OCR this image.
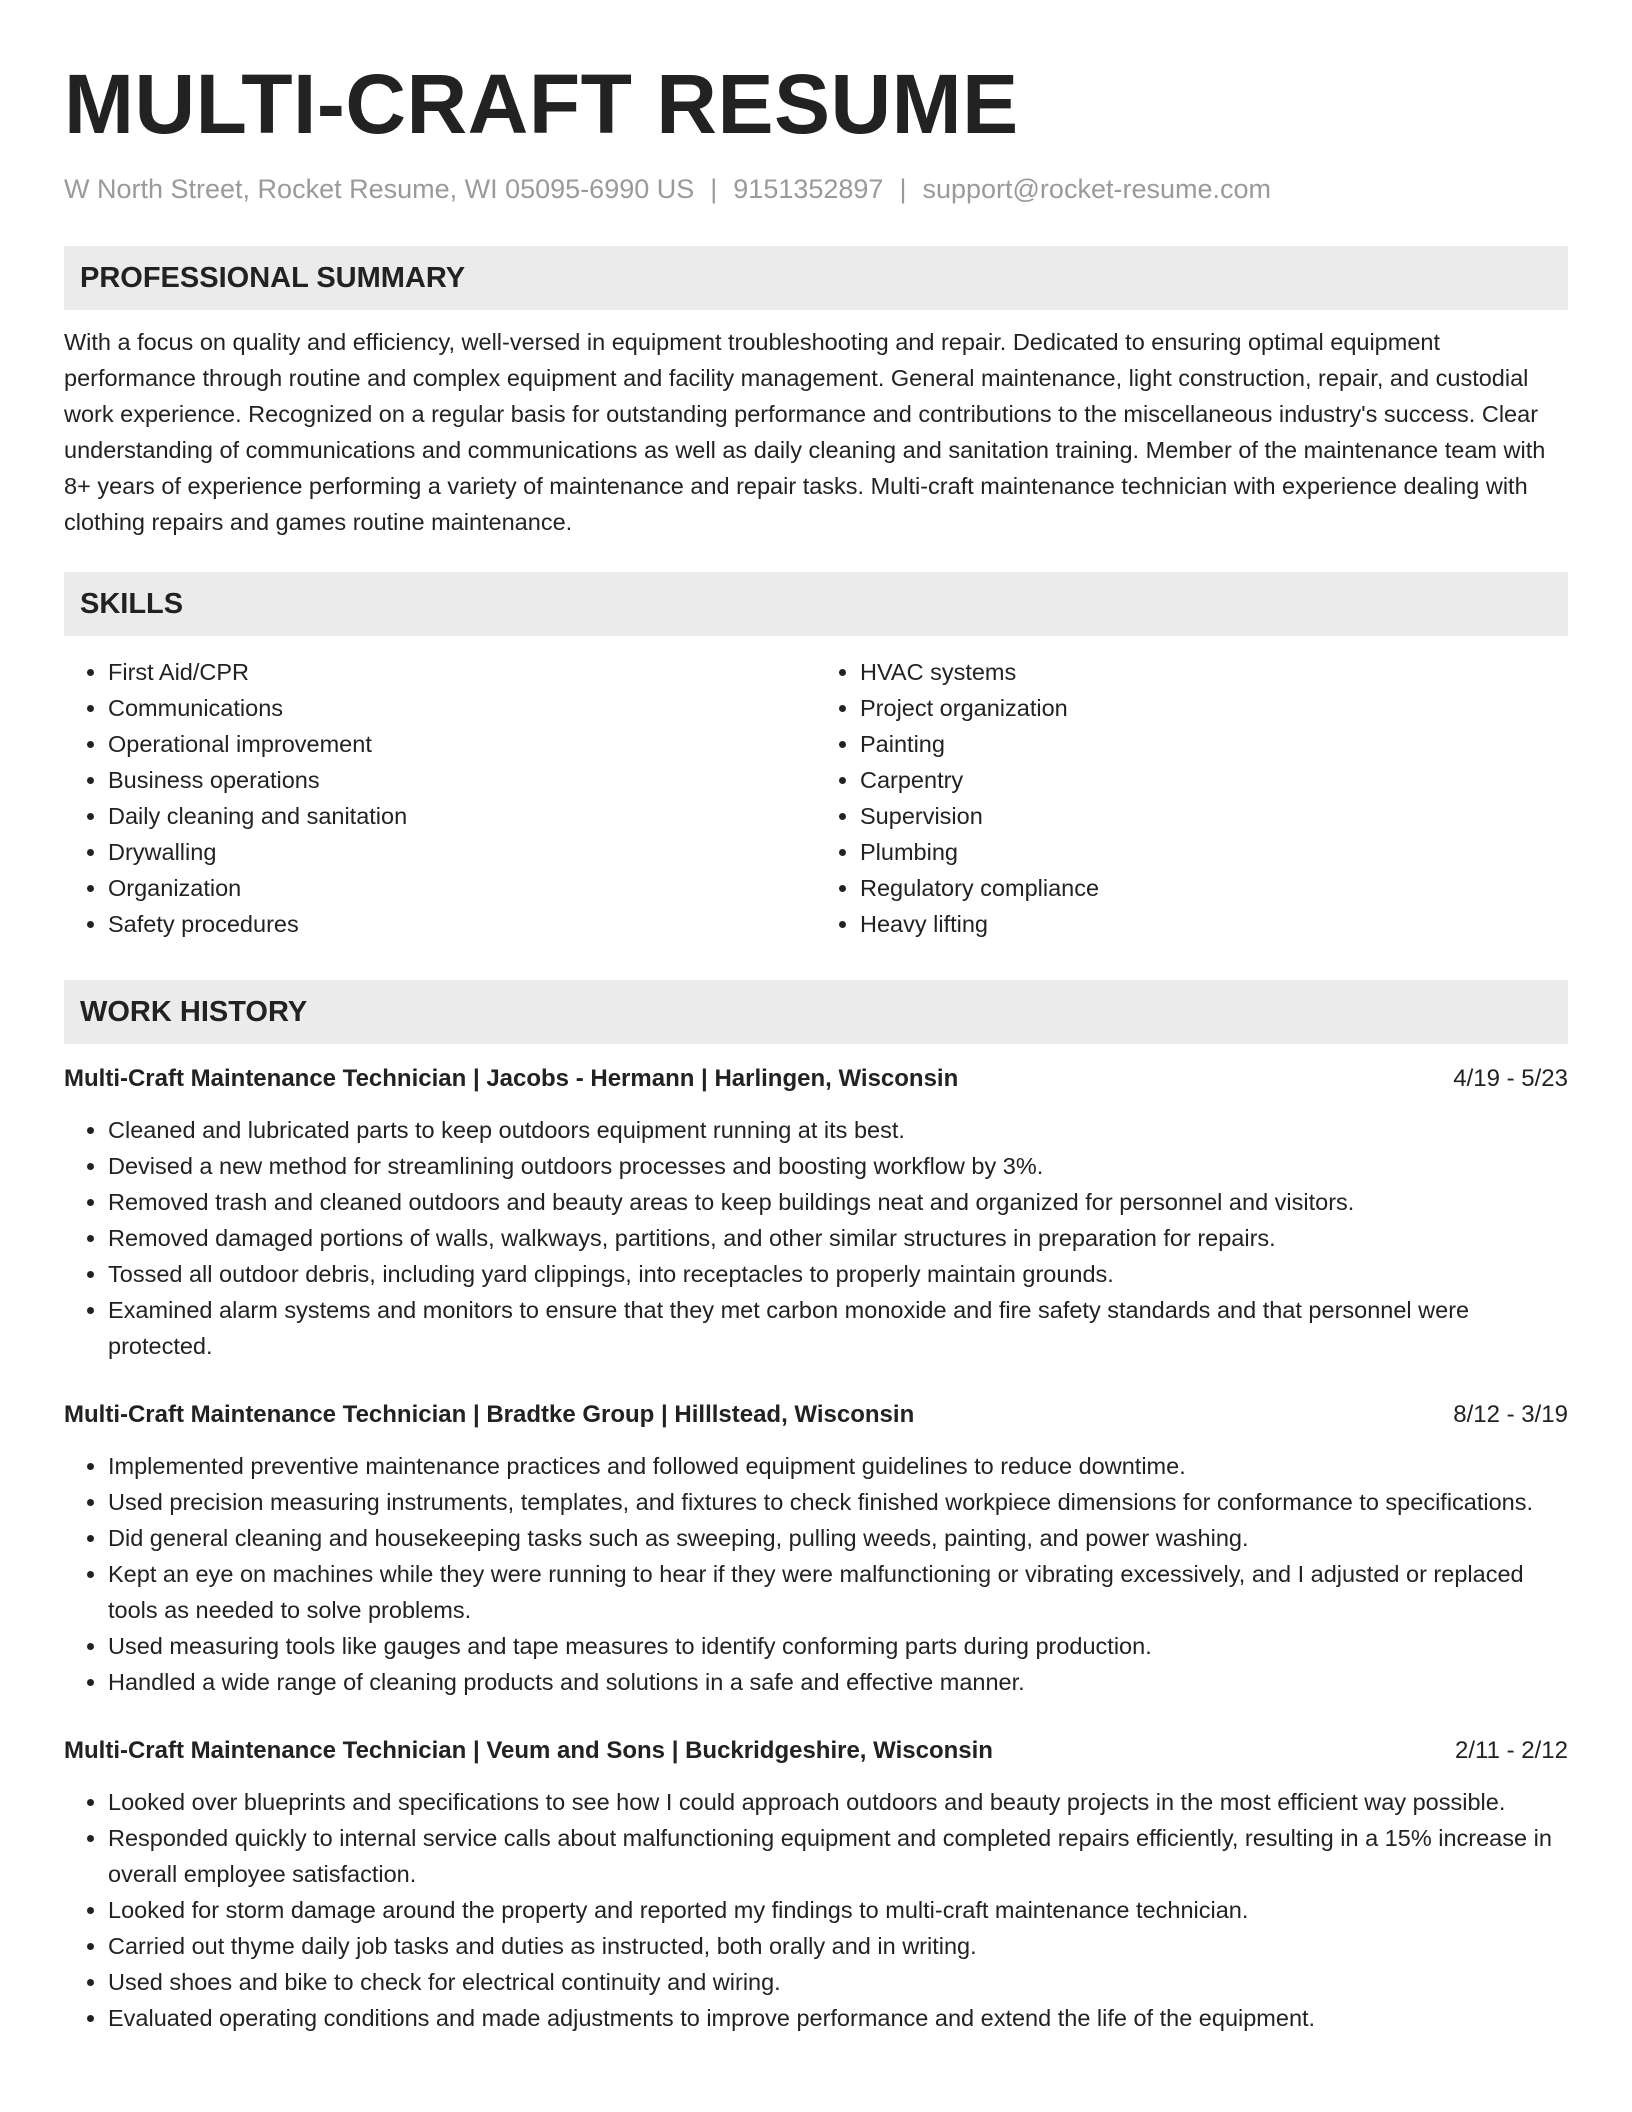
MULTI-CRAFT RESUME
W North Street, Rocket Resume, WI 05095-6990 US | 9151352897 | support@rocket-resume.com
PROFESSIONAL SUMMARY
With a focus on quality and efficiency, well-versed in equipment troubleshooting and repair. Dedicated to ensuring optimal equipment performance through routine and complex equipment and facility management. General maintenance, light construction, repair, and custodial work experience. Recognized on a regular basis for outstanding performance and contributions to the miscellaneous industry's success. Clear understanding of communications and communications as well as daily cleaning and sanitation training. Member of the maintenance team with 8+ years of experience performing a variety of maintenance and repair tasks. Multi-craft maintenance technician with experience dealing with clothing repairs and games routine maintenance.
SKILLS
• First Aid/CPR
• Communications
• Operational improvement
• Business operations
• Daily cleaning and sanitation
• Drywalling
• Organization
• Safety procedures
• HVAC systems
• Project organization
• Painting
• Carpentry
• Supervision
• Plumbing
• Regulatory compliance
• Heavy lifting
WORK HISTORY
Multi-Craft Maintenance Technician | Jacobs - Hermann | Harlingen, Wisconsin	4/19 - 5/23
• Cleaned and lubricated parts to keep outdoors equipment running at its best.
• Devised a new method for streamlining outdoors processes and boosting workflow by 3%.
• Removed trash and cleaned outdoors and beauty areas to keep buildings neat and organized for personnel and visitors.
• Removed damaged portions of walls, walkways, partitions, and other similar structures in preparation for repairs.
• Tossed all outdoor debris, including yard clippings, into receptacles to properly maintain grounds.
• Examined alarm systems and monitors to ensure that they met carbon monoxide and fire safety standards and that personnel were protected.
Multi-Craft Maintenance Technician | Bradtke Group | Hilllstead, Wisconsin	8/12 - 3/19
• Implemented preventive maintenance practices and followed equipment guidelines to reduce downtime.
• Used precision measuring instruments, templates, and fixtures to check finished workpiece dimensions for conformance to specifications.
• Did general cleaning and housekeeping tasks such as sweeping, pulling weeds, painting, and power washing.
• Kept an eye on machines while they were running to hear if they were malfunctioning or vibrating excessively, and I adjusted or replaced tools as needed to solve problems.
• Used measuring tools like gauges and tape measures to identify conforming parts during production.
• Handled a wide range of cleaning products and solutions in a safe and effective manner.
Multi-Craft Maintenance Technician | Veum and Sons | Buckridgeshire, Wisconsin	2/11 - 2/12
• Looked over blueprints and specifications to see how I could approach outdoors and beauty projects in the most efficient way possible.
• Responded quickly to internal service calls about malfunctioning equipment and completed repairs efficiently, resulting in a 15% increase in overall employee satisfaction.
• Looked for storm damage around the property and reported my findings to multi-craft maintenance technician.
• Carried out thyme daily job tasks and duties as instructed, both orally and in writing.
• Used shoes and bike to check for electrical continuity and wiring.
• Evaluated operating conditions and made adjustments to improve performance and extend the life of the equipment.
